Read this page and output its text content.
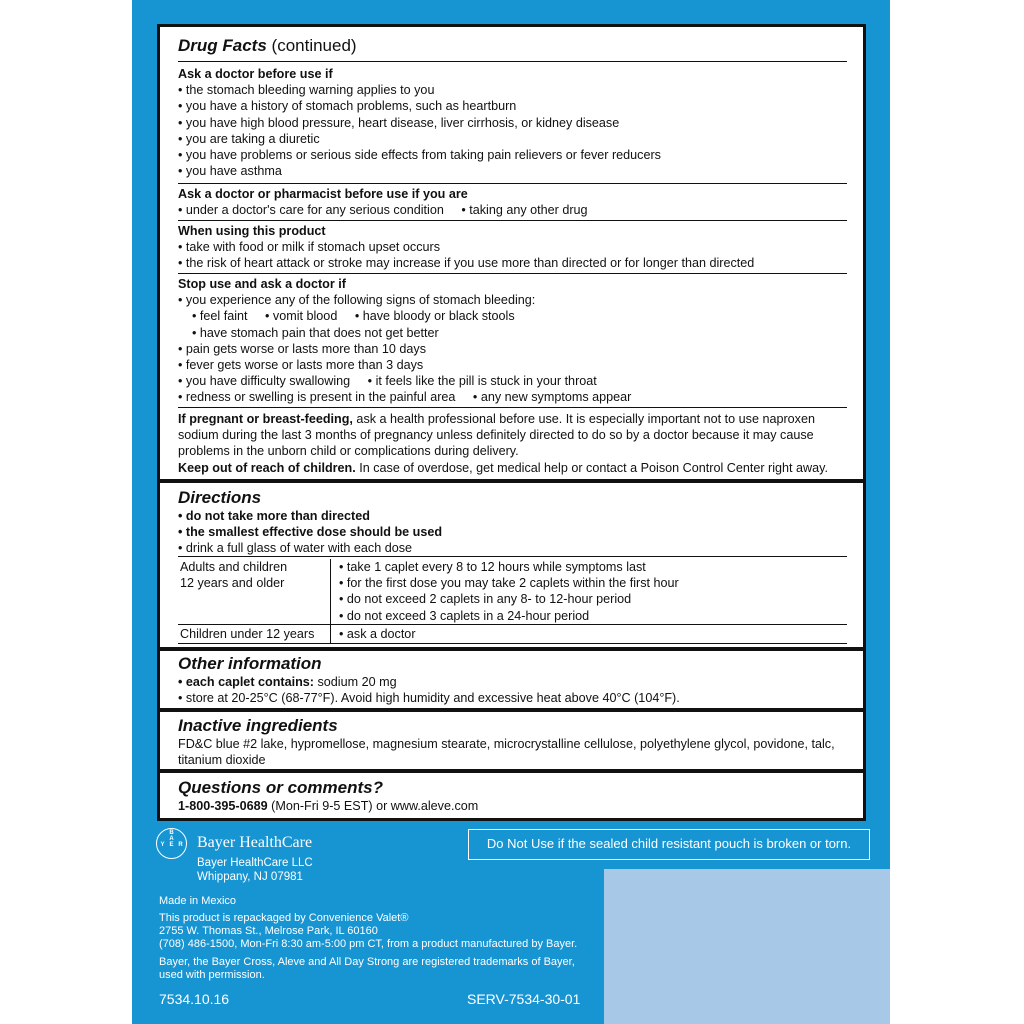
Drug Facts (continued)

Ask a doctor before use if

• the stomach bleeding warning applies to you

• you have a history of stomach problems, such as heartburn

• you have high blood pressure, heart disease, liver cirrhosis, or kidney disease

• you are taking a diuretic

• you have problems or serious side effects from taking pain relievers or fever reducers

• you have asthma

Ask a doctor or pharmacist before use if you are

• under a doctor's care for any serious condition     • taking any other drug

When using this product

• take with food or milk if stomach upset occurs

• the risk of heart attack or stroke may increase if you use more than directed or for longer than directed

Stop use and ask a doctor if

• you experience any of the following signs of stomach bleeding:

• feel faint     • vomit blood     • have bloody or black stools

• have stomach pain that does not get better

• pain gets worse or lasts more than 10 days

• fever gets worse or lasts more than 3 days

• you have difficulty swallowing     • it feels like the pill is stuck in your throat

• redness or swelling is present in the painful area     • any new symptoms appear

If pregnant or breast-feeding, ask a health professional before use. It is especially important not to use naproxen

sodium during the last 3 months of pregnancy unless definitely directed to do so by a doctor because it may cause

problems in the unborn child or complications during delivery.

Keep out of reach of children. In case of overdose, get medical help or contact a Poison Control Center right away.

Directions

• do not take more than directed

• the smallest effective dose should be used

• drink a full glass of water with each dose

Adults and children

12 years and older

• take 1 caplet every 8 to 12 hours while symptoms last

• for the first dose you may take 2 caplets within the first hour

• do not exceed 2 caplets in any 8- to 12-hour period

• do not exceed 3 caplets in a 24-hour period

Children under 12 years	• ask a doctor

Other information

• each caplet contains: sodium 20 mg

• store at 20-25°C (68-77°F). Avoid high humidity and excessive heat above 40°C (104°F).

Inactive ingredients

FD&C blue #2 lake, hypromellose, magnesium stearate, microcrystalline cellulose, polyethylene glycol, povidone, talc,

titanium dioxide

Questions or comments?

1-800-395-0689 (Mon-Fri 9-5 EST) or www.aleve.com

B
A
Y E R Bayer HealthCare
Bayer HealthCare LLC
Whippany, NJ 07981
Do Not Use if the sealed child resistant pouch is broken or torn.
Made in Mexico
This product is repackaged by Convenience Valet®
2755 W. Thomas St., Melrose Park, IL 60160
(708) 486-1500, Mon-Fri 8:30 am-5:00 pm CT, from a product manufactured by Bayer.
Bayer, the Bayer Cross, Aleve and All Day Strong are registered trademarks of Bayer,
used with permission.
7534.10.16	SERV-7534-30-01
